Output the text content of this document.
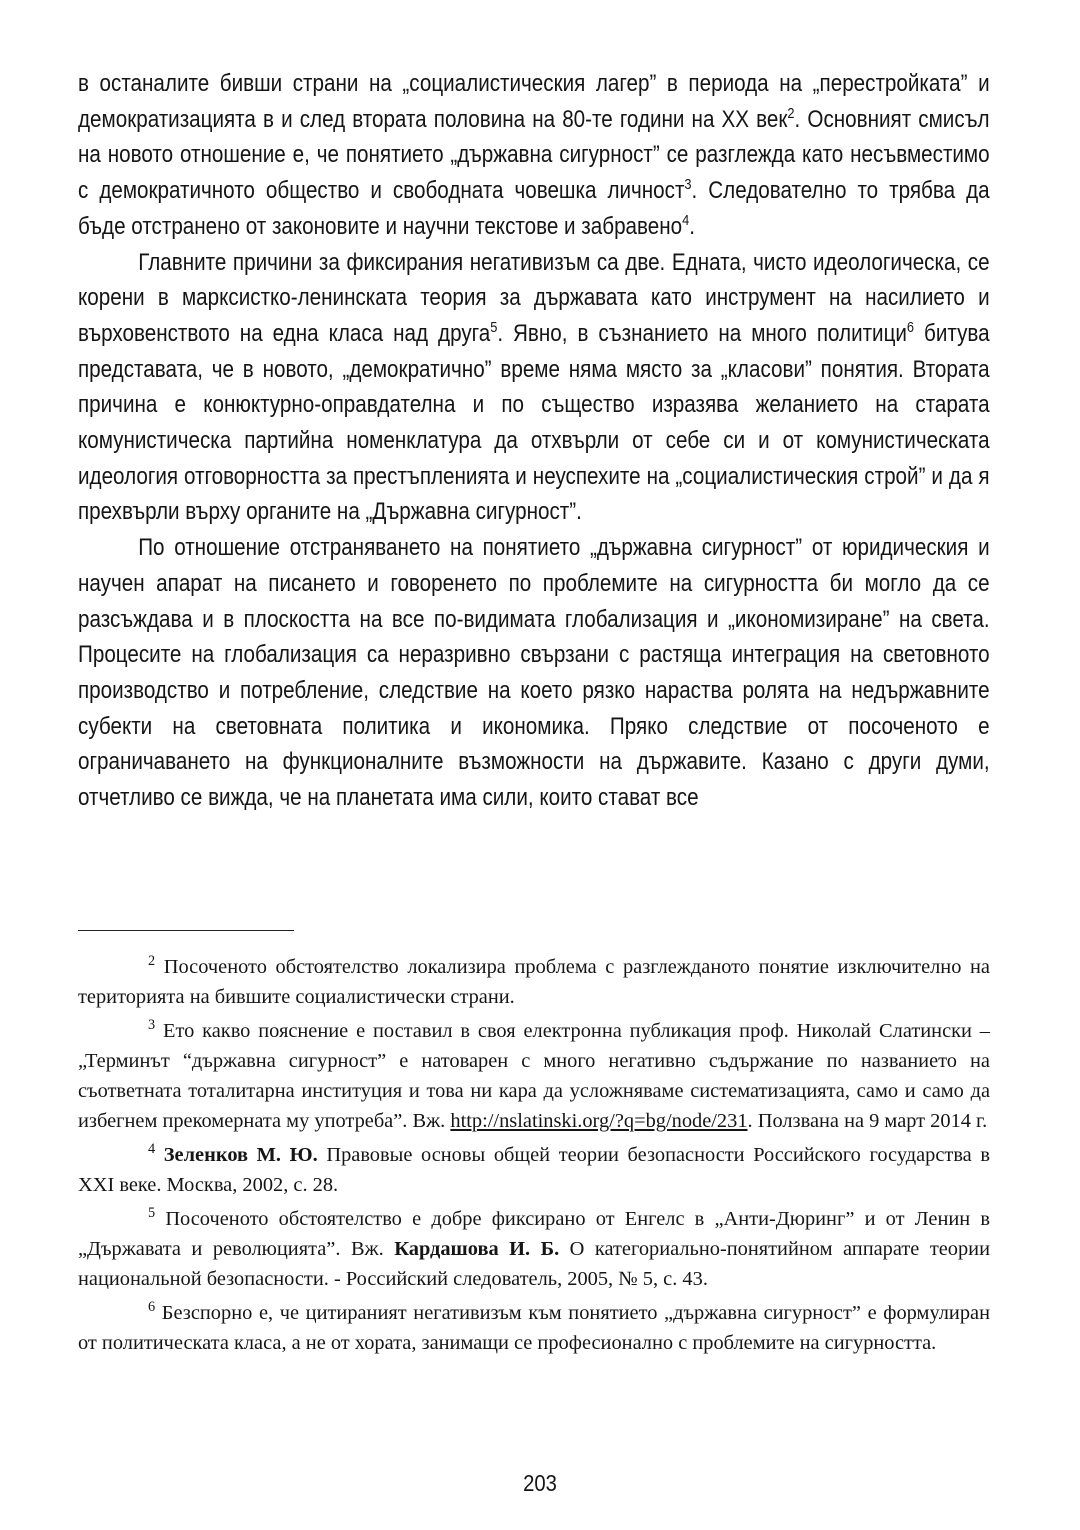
в останалите бивши страни на „социалистическия лагер” в периода на „перестройката” и демократизацията в и след втората половина на 80-те години на ХХ век$^2$. Основният смисъл на новото отношение е, че понятието „държавна сигурност” се разглежда като несъвместимо с демократичното общество и свободната човешка личност$^3$. Следователно то трябва да бъде отстранено от законовите и научни текстове и забравено$^4$.

Главните причини за фиксирания негативизъм са две. Едната, чисто идеологическа, се корени в марксистко-ленинската теория за държавата като инструмент на насилието и върховенството на една класа над друга$^5$. Явно, в съзнанието на много политици$^6$ битува представата, че в новото, „демократично” време няма място за „класови” понятия. Втората причина е конюктурно-оправдателна и по същество изразява желанието на старата комунистическа партийна номенклатура да отхвърли от себе си и от комунистическата идеология отговорността за престъпленията и неуспехите на „социалистическия строй” и да я прехвърли върху органите на „Държавна сигурност”.

По отношение отстраняването на понятието „държавна сигурност” от юридическия и научен апарат на писането и говоренето по проблемите на сигурността би могло да се разсъждава и в плоскостта на все по-видимата глобализация и „икономизиране” на света. Процесите на глобализация са неразривно свързани с растяща интеграция на световното производство и потребление, следствие на което рязко нараства ролята на недържавните субекти на световната политика и икономика. Пряко следствие от посоченото е ограничаването на функционалните възможности на държавите. Казано с други думи, отчетливо се вижда, че на планетата има сили, които стават все

$^2$ Посоченото обстоятелство локализира проблема с разглежданото понятие изключително на територията на бившите социалистически страни.

$^3$ Ето какво пояснение е поставил в своя електронна публикация проф. Николай Слатински – „Терминът “държавна сигурност” е натоварен с много негативно съдържание по названието на съответната тоталитарна институция и това ни кара да усложняваме систематизацията, само и само да избегнем прекомерната му употреба”. Вж. http://nslatinski.org/?q=bg/node/231. Ползвана на 9 март 2014 г.

$^4$ Зеленков М. Ю. Правовые основы общей теории безопасности Российского государства в XXI веке. Москва, 2002, с. 28.

$^5$ Посоченото обстоятелство е добре фиксирано от Енгелс в „Анти-Дюринг” и от Ленин в „Държавата и революцията”. Вж. Кардашова И. Б. О категориально-понятийном аппарате теории национальной безопасности. - Российский следователь, 2005, № 5, с. 43.

$^6$ Безспорно е, че цитираният негативизъм към понятието „държавна сигурност” е формулиран от политическата класа, а не от хората, занимащи се професионално с проблемите на сигурността.

203
